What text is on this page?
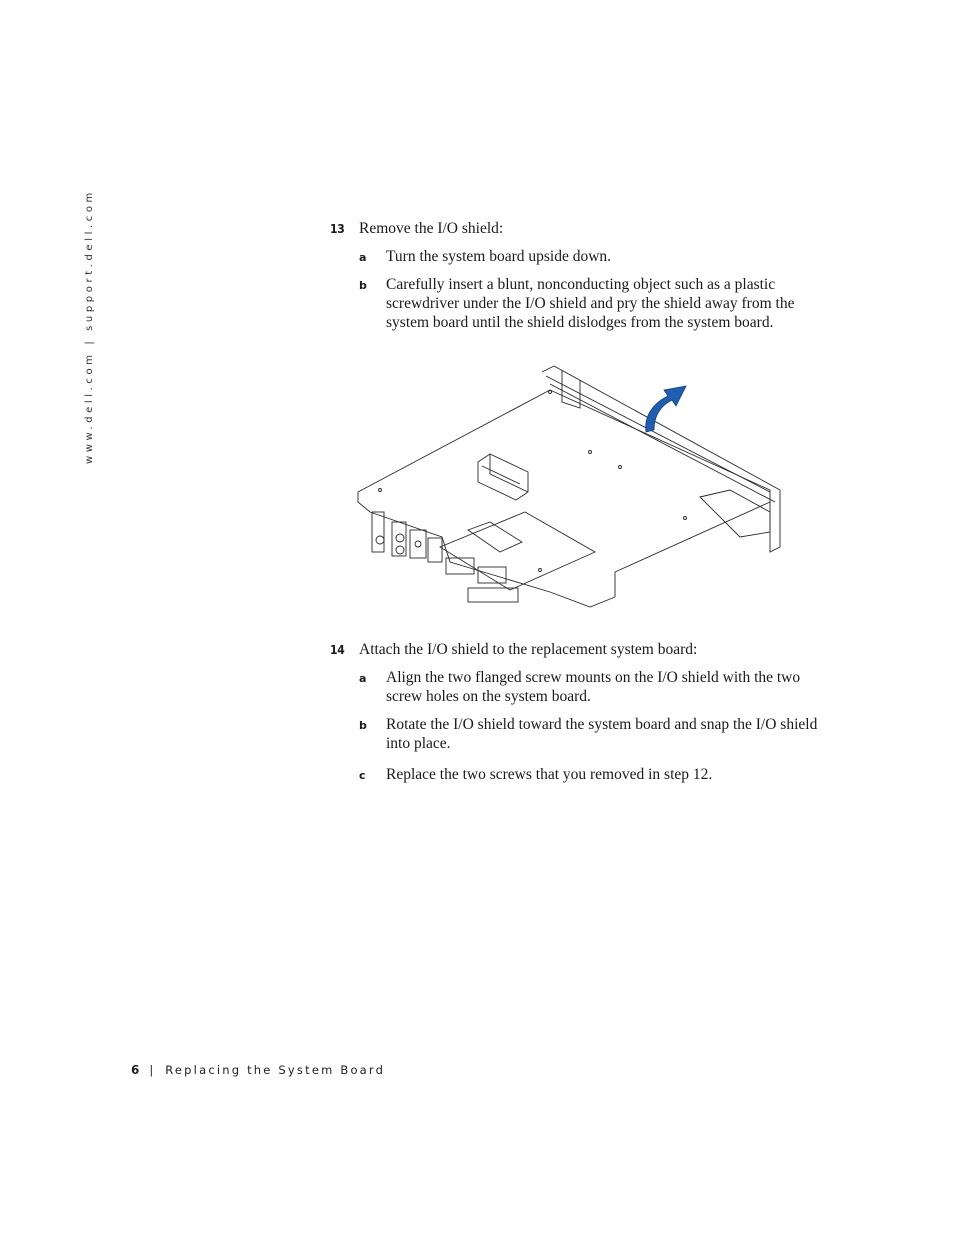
www.dell.com | support.dell.com	13 Remove the I/O shield:
a Turn the system board upside down.
b Carefully insert a blunt, nonconducting object such as a plastic screwdriver under the I/O shield and pry the shield away from the system board until the shield dislodges from the system board.
14 Attach the I/O shield to the replacement system board:
a Align the two flanged screw mounts on the I/O shield with the two screw holes on the system board.
b Rotate the I/O shield toward the system board and snap the I/O shield into place.
c Replace the two screws that you removed in step 12.
6 | Replacing the System Board
